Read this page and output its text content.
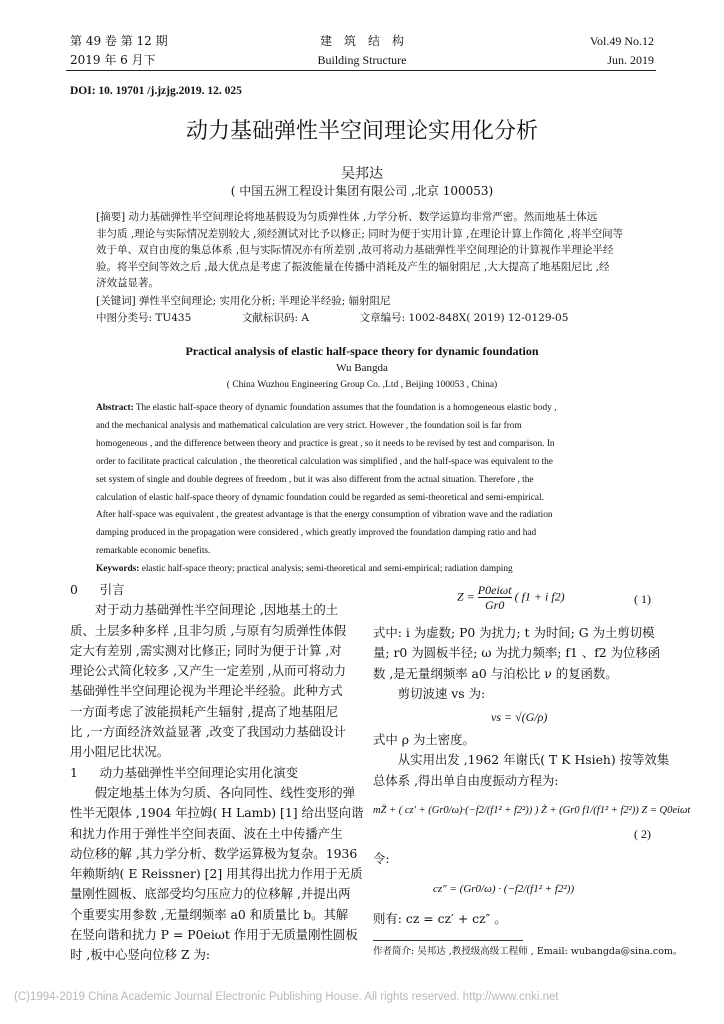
第 49 卷 第 12 期
2019 年 6 月下
建　筑　结　构
Building Structure
Vol.49 No.12
Jun. 2019
DOI: 10. 19701 /j.jzjg.2019. 12. 025
动力基础弹性半空间理论实用化分析
吴邦达
( 中国五洲工程设计集团有限公司 ,北京 100053)
[摘要] 动力基础弹性半空间理论将地基假设为匀质弹性体 ,力学分析、数学运算均非常严密。然而地基土体远
非匀质 ,理论与实际情况差别较大 ,须经测试对比予以修正; 同时为便于实用计算 ,在理论计算上作简化 ,将半空间等
效于单、双自由度的集总体系 ,但与实际情况亦有所差别 ,故可将动力基础弹性半空间理论的计算视作半理论半经
验。将半空间等效之后 ,最大优点是考虑了振波能量在传播中消耗及产生的辐射阻尼 ,大大提高了地基阻尼比 ,经
济效益显著。
[关键词] 弹性半空间理论; 实用化分析; 半理论半经验; 辐射阻尼
中图分类号: TU435	文献标识码: A	文章编号: 1002-848X( 2019) 12-0129-05
Practical analysis of elastic half-space theory for dynamic foundation
Wu Bangda
( China Wuzhou Engineering Group Co. ,Ltd , Beijing 100053 , China)
Abstract: The elastic half-space theory of dynamic foundation assumes that the foundation is a homogeneous elastic body ,
and the mechanical analysis and mathematical calculation are very strict. However , the foundation soil is far from
homogeneous , and the difference between theory and practice is great , so it needs to be revised by test and comparison. In
order to facilitate practical calculation , the theoretical calculation was simplified , and the half-space was equivalent to the
set system of single and double degrees of freedom , but it was also different from the actual situation. Therefore , the
calculation of elastic half-space theory of dynamic foundation could be regarded as semi-theoretical and semi-empirical.
After half-space was equivalent , the greatest advantage is that the energy consumption of vibration wave and the radiation
damping produced in the propagation were considered , which greatly improved the foundation damping ratio and had
remarkable economic benefits.
Keywords: elastic half-space theory; practical analysis; semi-theoretical and semi-empirical; radiation damping
0 引言

对于动力基础弹性半空间理论 ,因地基土的土

质、土层多种多样 ,且非匀质 ,与原有匀质弹性体假

定大有差别 ,需实测对比修正; 同时为便于计算 ,对

理论公式简化较多 ,又产生一定差别 ,从而可将动力

基础弹性半空间理论视为半理论半经验。此种方式

一方面考虑了波能损耗产生辐射 ,提高了地基阻尼

比 ,一方面经济效益显著 ,改变了我国动力基础设计

用小阻尼比状况。

1 动力基础弹性半空间理论实用化演变

假定地基土体为匀质、各向同性、线性变形的弹

性半无限体 ,1904 年拉姆( H Lamb) [1] 给出竖向谐

和扰力作用于弹性半空间表面、波在土中传播产生

动位移的解 ,其力学分析、数学运算极为复杂。1936

年赖斯纳( E Reissner) [2] 用其得出扰力作用于无质

量刚性圆板、底部受均匀压应力的位移解 ,并提出两

个重要实用参数 ,无量纲频率 a0 和质量比 b。其解

在竖向谐和扰力 P = P0eiωt 作用于无质量刚性圆板

时 ,板中心竖向位移 Z 为:

$Z = \frac{\text{P0eiωt}}{Gr0}$ ( f1 + i f2)	( 1)

式中: i 为虚数; P0 为扰力; t 为时间; G 为土剪切模

量; r0 为圆板半径; ω 为扰力频率; f1 、f2 为位移函

数 ,是无量纲频率 a0 与泊松比 ν 的复函数。

剪切波速 vs 为:

vs = √(G/ρ)

式中 ρ 为土密度。

从实用出发 ,1962 年谢氏( T K Hsieh) 按等效集

总体系 ,得出单自由度振动方程为:

mZ̈ + ( cz′ + (Gr0/ω)·(−f2/(f1² + f2²)) ) Ż + (Gr0 f1/(f1² + f2²)) Z = Q0eiωt
( 2)

令:

cz″ = (Gr0/ω) · (−f2/(f1² + f2²))

则有: cz = cz′ + cz″ 。

作者简介: 吴邦达 ,教授级高级工程师 , Email: wubangda@sina.com。
(C)1994-2019 China Academic Journal Electronic Publishing House. All rights reserved. http://www.cnki.net
